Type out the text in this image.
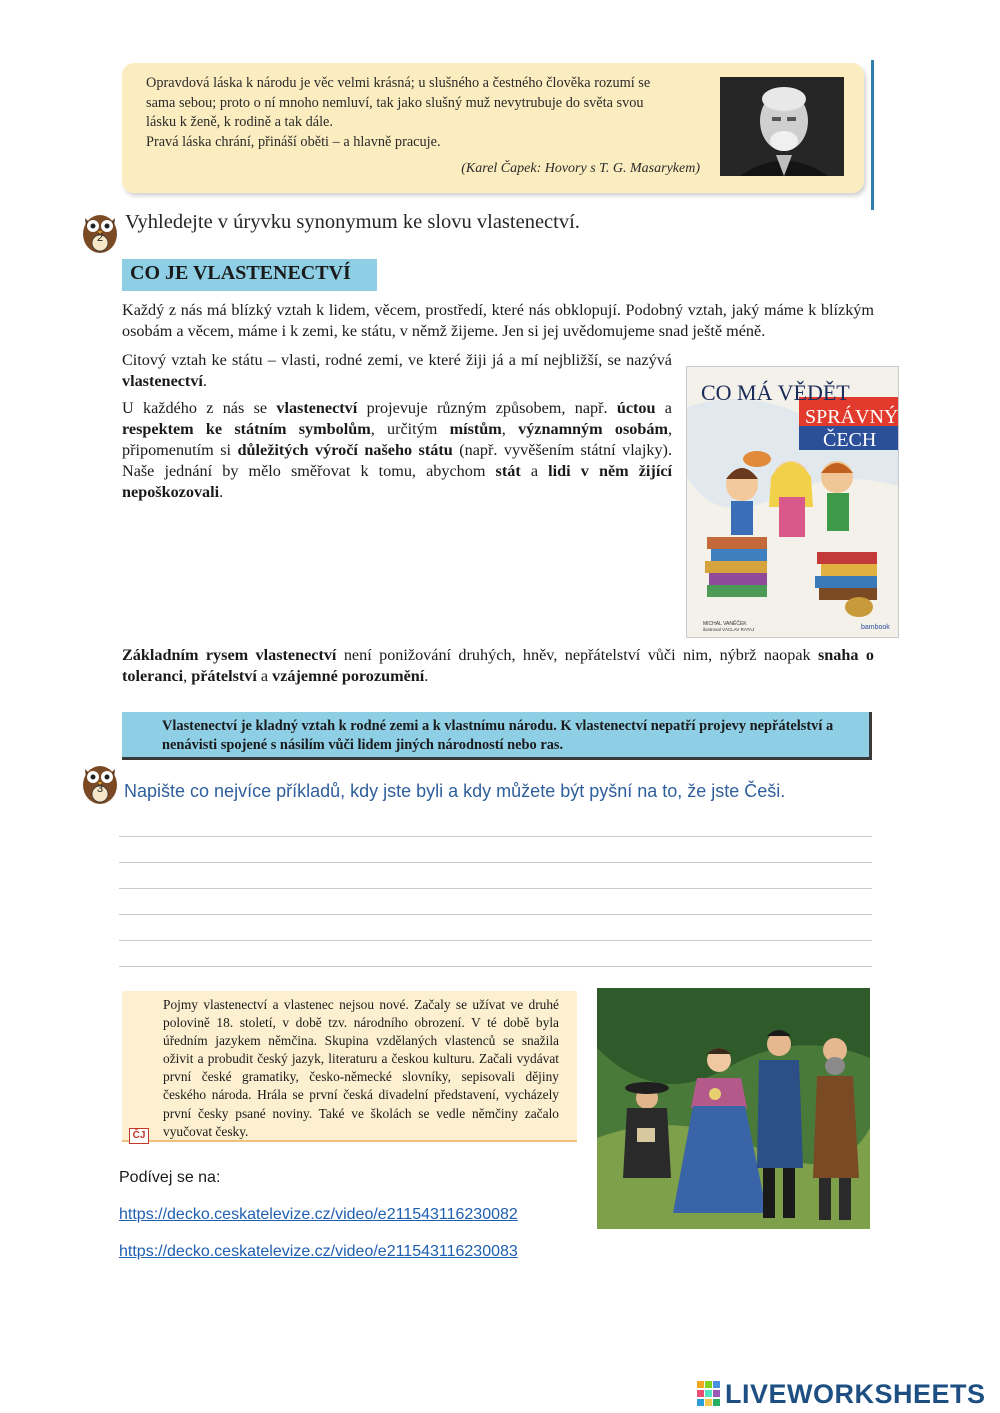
Opravdová láska k národu je věc velmi krásná; u slušného a čestného člověka rozumí se
sama sebou; proto o ní mnoho nemluví, tak jako slušný muž nevytrubuje do světa svou
lásku k ženě, k rodině a tak dále.
Pravá láska chrání, přináší oběti – a hlavně pracuje.
(Karel Čapek: Hovory s T. G. Masarykem)
2
Vyhledejte v úryvku synonymum ke slovu vlastenectví.
CO JE VLASTENECTVÍ
Každý z nás má blízký vztah k lidem, věcem, prostředí, které nás obklopují. Podobný vztah, jaký máme k blízkým osobám a věcem, máme i k zemi, ke státu, v němž žijeme. Jen si jej uvědomujeme snad ještě méně.
Citový vztah ke státu – vlasti, rodné zemi, ve které žiji já a mí nejbližší, se nazývá vlastenectví.
U každého z nás se vlastenectví projevuje různým způsobem, např. úctou a respektem ke státním symbolům, určitým místům, významným osobám, připomenutím si důležitých výročí našeho státu (např. vyvěšením státní vlajky). Naše jednání by mělo směřovat k tomu, abychom stát a lidi v něm žijící nepoškozovali.
CO MÁ VĚDĚT
SPRÁVNÝ
ČECH
MICHAL VANĚČEK
ilustroval VÁCLAV RATAJ	bambook
Základním rysem vlastenectví není ponižování druhých, hněv, nepřátelství vůči nim, nýbrž naopak snaha o toleranci, přátelství a vzájemné porozumění.
Vlastenectví je kladný vztah k rodné zemi a k vlastnímu národu. K vlastenectví nepatří projevy nepřátelství a nenávisti spojené s násilím vůči lidem jiných národností nebo ras.
3 Napište co nejvíce příkladů, kdy jste byli a kdy můžete být pyšní na to, že jste Češi.
Pojmy vlastenectví a vlastenec nejsou nové. Začaly se užívat ve druhé polovině 18. století, v době tzv. národního obrození. V té době byla úředním jazykem němčina. Skupina vzdělaných vlastenců se snažila oživit a probudit český jazyk, literaturu a českou kulturu. Začali vydávat první české gramatiky, česko-německé slovníky, sepisovali dějiny českého národa. Hrála se první česká divadelní představení, vycházely první česky psané noviny. Také ve školách se vedle němčiny začalo vyučovat česky.
ČJ
Podívej se na:
https://decko.ceskatelevize.cz/video/e211543116230082
https://decko.ceskatelevize.cz/video/e211543116230083
LIVEWORKSHEETS
